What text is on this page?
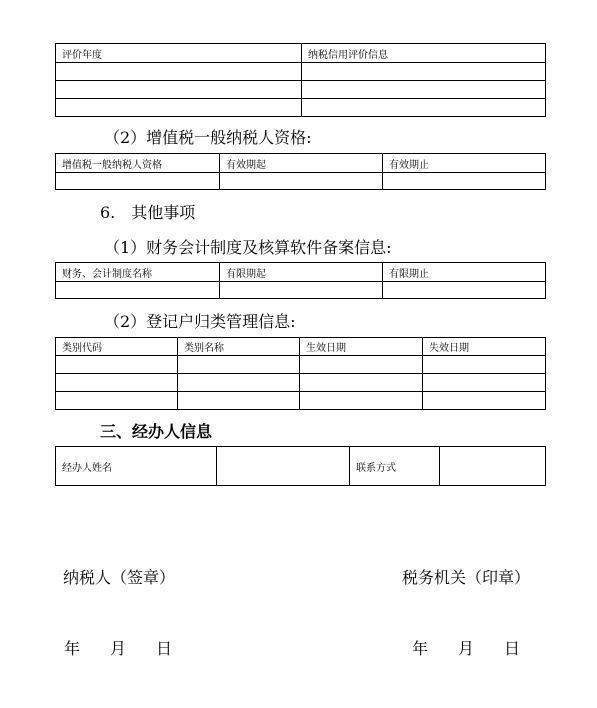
评价年度	纳税信用评价信息

（2）增值税一般纳税人资格:
增值税一般纳税人资格	有效期起	有效期止

6.　其他事项
（1）财务会计制度及核算软件备案信息:
财务、会计制度名称	有限期起	有限期止

（2）登记户归类管理信息:
类别代码	类别名称	生效日期	失效日期

三、经办人信息
经办人姓名		联系方式	
纳税人（签章）	税务机关（印章）
年 月 日	年 月 日
